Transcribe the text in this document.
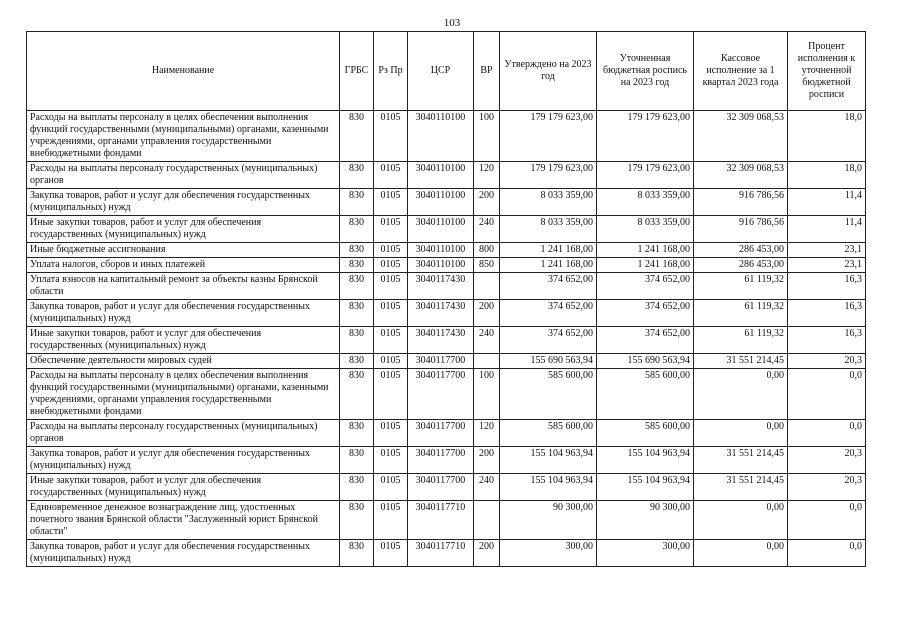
103
Наименование	ГРБС	Рз Пр	ЦСР	ВР	Утверждено на 2023 год	Уточненная бюджетная роспись на 2023 год	Кассовое исполнение за 1 квартал 2023 года	Процент исполнения к уточненной бюджетной росписи
Расходы на выплаты персоналу в целях обеспечения выполнения функций государственными (муниципальными) органами, казенными учреждениями, органами управления государственными внебюджетными фондами	830	0105	3040110100	100	179 179 623,00	179 179 623,00	32 309 068,53	18,0
Расходы на выплаты персоналу государственных (муниципальных) органов	830	0105	3040110100	120	179 179 623,00	179 179 623,00	32 309 068,53	18,0
Закупка товаров, работ и услуг для обеспечения государственных (муниципальных) нужд	830	0105	3040110100	200	8 033 359,00	8 033 359,00	916 786,56	11,4
Иные закупки товаров, работ и услуг для обеспечения государственных (муниципальных) нужд	830	0105	3040110100	240	8 033 359,00	8 033 359,00	916 786,56	11,4
Иные бюджетные ассигнования	830	0105	3040110100	800	1 241 168,00	1 241 168,00	286 453,00	23,1
Уплата налогов, сборов и иных платежей	830	0105	3040110100	850	1 241 168,00	1 241 168,00	286 453,00	23,1
Уплата взносов на капитальный ремонт за объекты казны Брянской области	830	0105	3040117430		374 652,00	374 652,00	61 119,32	16,3
Закупка товаров, работ и услуг для обеспечения государственных (муниципальных) нужд	830	0105	3040117430	200	374 652,00	374 652,00	61 119,32	16,3
Иные закупки товаров, работ и услуг для обеспечения государственных (муниципальных) нужд	830	0105	3040117430	240	374 652,00	374 652,00	61 119,32	16,3
Обеспечение деятельности мировых судей	830	0105	3040117700		155 690 563,94	155 690 563,94	31 551 214,45	20,3
Расходы на выплаты персоналу в целях обеспечения выполнения функций государственными (муниципальными) органами, казенными учреждениями, органами управления государственными внебюджетными фондами	830	0105	3040117700	100	585 600,00	585 600,00	0,00	0,0
Расходы на выплаты персоналу государственных (муниципальных) органов	830	0105	3040117700	120	585 600,00	585 600,00	0,00	0,0
Закупка товаров, работ и услуг для обеспечения государственных (муниципальных) нужд	830	0105	3040117700	200	155 104 963,94	155 104 963,94	31 551 214,45	20,3
Иные закупки товаров, работ и услуг для обеспечения государственных (муниципальных) нужд	830	0105	3040117700	240	155 104 963,94	155 104 963,94	31 551 214,45	20,3
Единовременное денежное вознаграждение лиц, удостоенных почетного звания Брянской области "Заслуженный юрист Брянской области"	830	0105	3040117710		90 300,00	90 300,00	0,00	0,0
Закупка товаров, работ и услуг для обеспечения государственных (муниципальных) нужд	830	0105	3040117710	200	300,00	300,00	0,00	0,0
